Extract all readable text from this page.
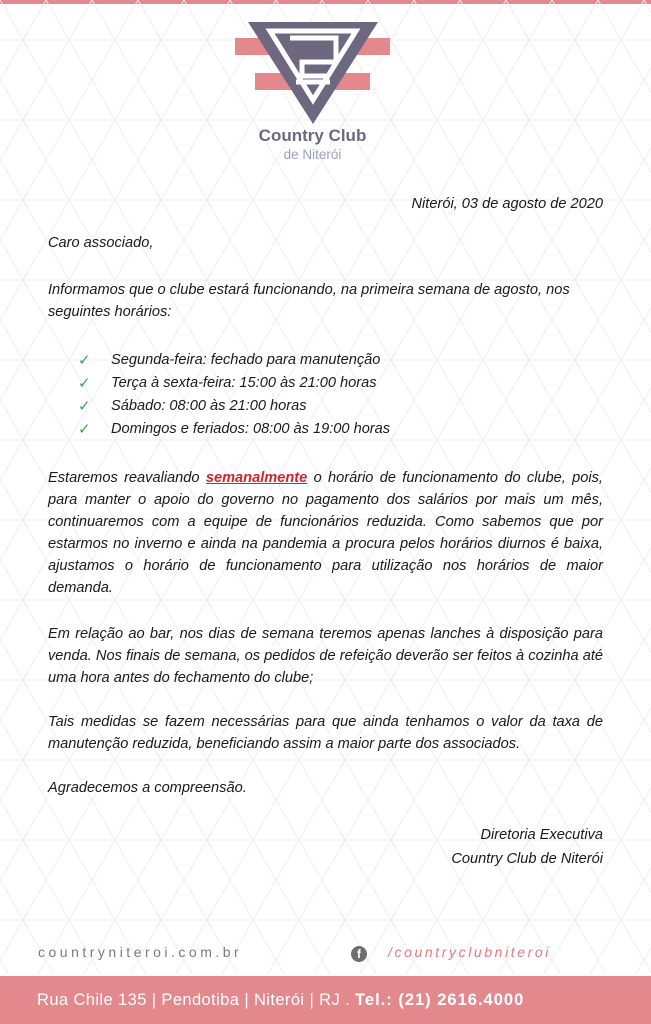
Country Club
de Niterói

Niterói, 03 de agosto de 2020

Caro associado,

Informamos que o clube estará funcionando, na primeira semana de agosto, nos seguintes horários:

✓ Segunda-feira: fechado para manutenção
✓ Terça à sexta-feira: 15:00 às 21:00 horas
✓ Sábado: 08:00 às 21:00 horas
✓ Domingos e feriados: 08:00 às 19:00 horas

Estaremos reavaliando semanalmente o horário de funcionamento do clube, pois, para manter o apoio do governo no pagamento dos salários por mais um mês, continuaremos com a equipe de funcionários reduzida. Como sabemos que por estarmos no inverno e ainda na pandemia a procura pelos horários diurnos é baixa, ajustamos o horário de funcionamento para utilização nos horários de maior demanda.

Em relação ao bar, nos dias de semana teremos apenas lanches à disposição para venda. Nos finais de semana, os pedidos de refeição deverão ser feitos à cozinha até uma hora antes do fechamento do clube;

Tais medidas se fazem necessárias para que ainda tenhamos o valor da taxa de manutenção reduzida, beneficiando assim a maior parte dos associados.

Agradecemos a compreensão.

Diretoria Executiva
Country Club de Niterói

countryniteroi.com.br	f	/countryclubniteroi
Rua Chile 135 | Pendotiba | Niterói | RJ . Tel.: (21) 2616.4000
